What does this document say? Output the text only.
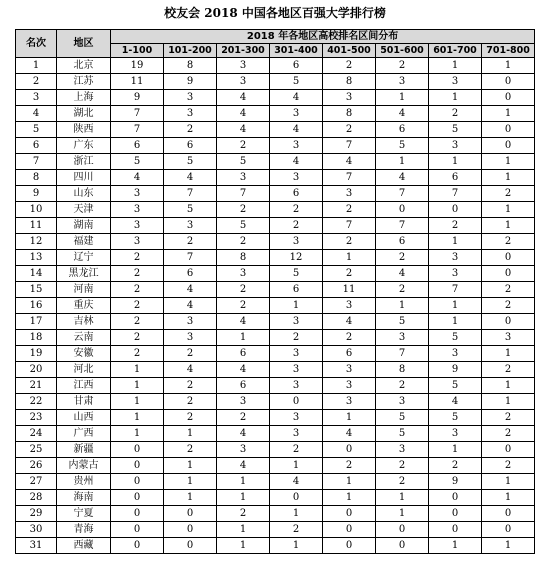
校友会 2018 中国各地区百强大学排行榜
名次	地区	2018 年各地区高校排名区间分布							
		1-100	101-200	201-300	301-400	401-500	501-600	601-700	701-800
1	北京	19	8	3	6	2	2	1	1
2	江苏	11	9	3	5	8	3	3	0
3	上海	9	3	4	4	3	1	1	0
4	湖北	7	3	4	3	8	4	2	1
5	陕西	7	2	4	4	2	6	5	0
6	广东	6	6	2	3	7	5	3	0
7	浙江	5	5	5	4	4	1	1	1
8	四川	4	4	3	3	7	4	6	1
9	山东	3	7	7	6	3	7	7	2
10	天津	3	5	2	2	2	0	0	1
11	湖南	3	3	5	2	7	7	2	1
12	福建	3	2	2	3	2	6	1	2
13	辽宁	2	7	8	12	1	2	3	0
14	黑龙江	2	6	3	5	2	4	3	0
15	河南	2	4	2	6	11	2	7	2
16	重庆	2	4	2	1	3	1	1	2
17	吉林	2	3	4	3	4	5	1	0
18	云南	2	3	1	2	2	3	5	3
19	安徽	2	2	6	3	6	7	3	1
20	河北	1	4	4	3	3	8	9	2
21	江西	1	2	6	3	3	2	5	1
22	甘肃	1	2	3	0	3	3	4	1
23	山西	1	2	2	3	1	5	5	2
24	广西	1	1	4	3	4	5	3	2
25	新疆	0	2	3	2	0	3	1	0
26	内蒙古	0	1	4	1	2	2	2	2
27	贵州	0	1	1	4	1	2	9	1
28	海南	0	1	1	0	1	1	0	1
29	宁夏	0	0	2	1	0	1	0	0
30	青海	0	0	1	2	0	0	0	0
31	西藏	0	0	1	1	0	0	1	1
